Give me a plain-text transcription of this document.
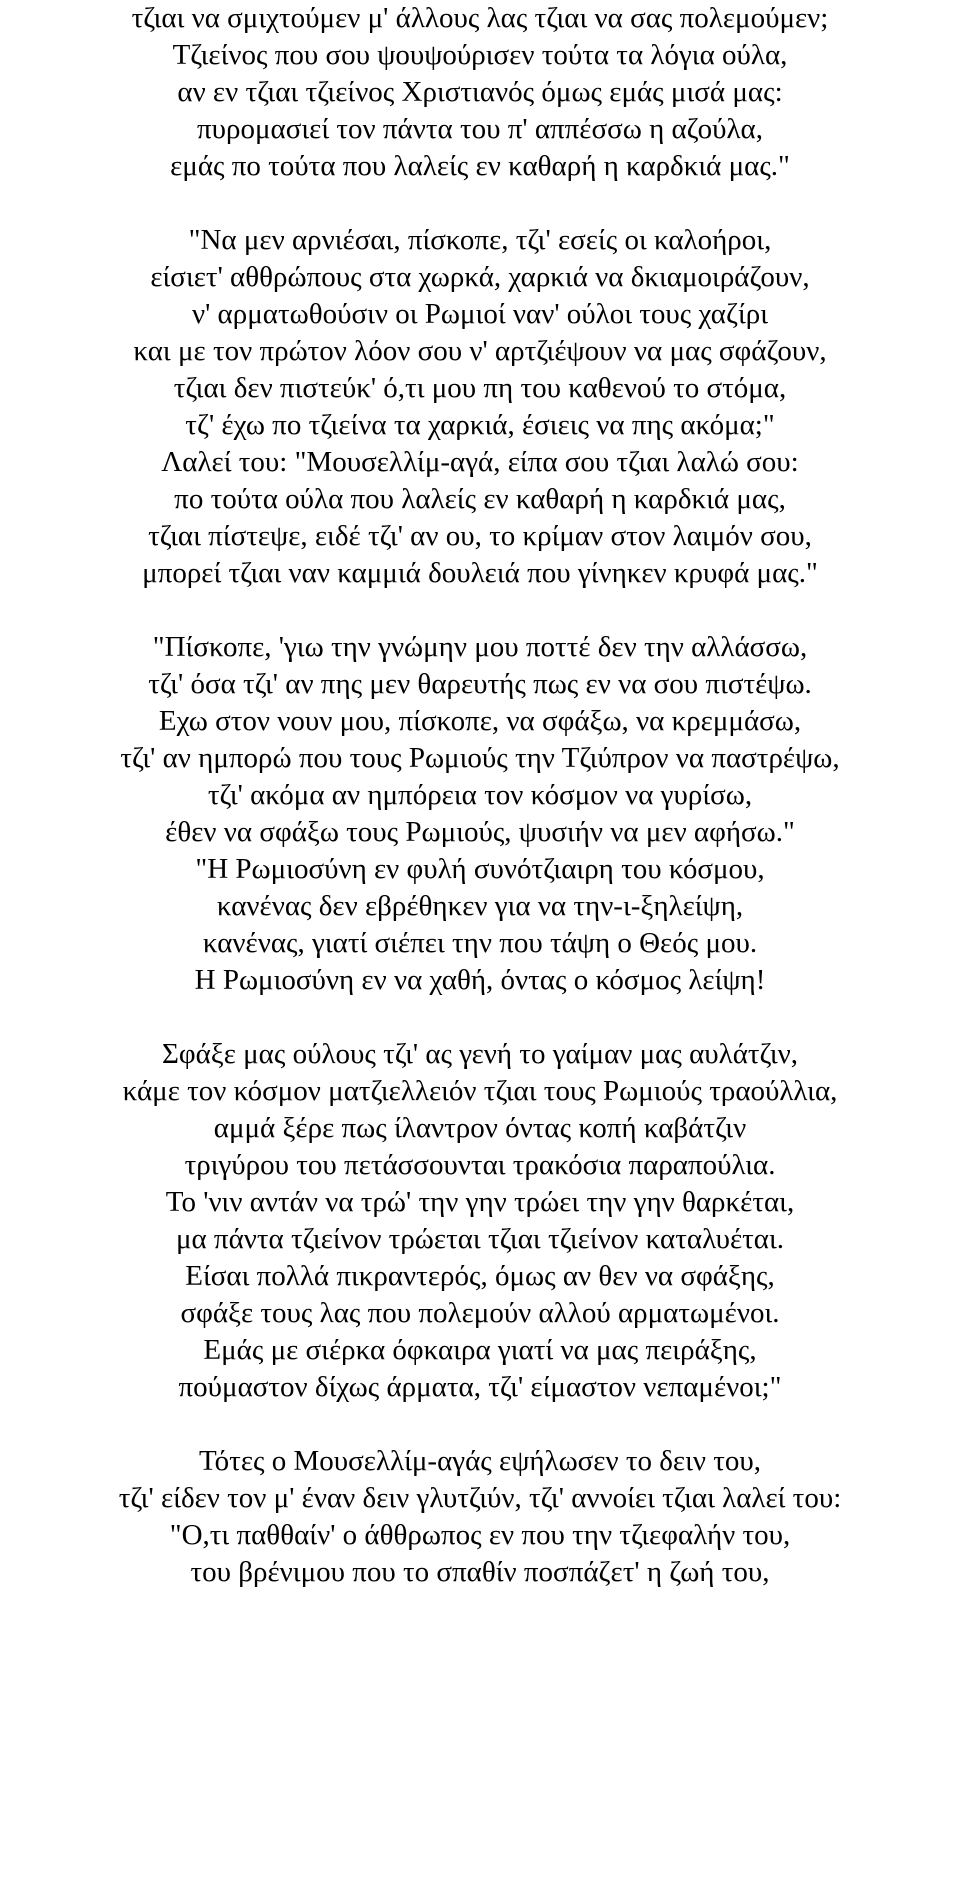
τζιαι να σμιχτούμεν μ' άλλους λας τζιαι να σας πολεμούμεν;
Τζιείνος που σου ψουψούρισεν τούτα τα λόγια ούλα,
αν εν τζιαι τζιείνος Χριστιανός όμως εμάς μισά μας:
πυρομασιεί τον πάντα του π' αππέσσω η αζούλα,
εμάς πο τούτα που λαλείς εν καθαρή η καρδκιά μας."
"Να μεν αρνιέσαι, πίσκοπε, τζι' εσείς οι καλοήροι,
είσιετ' αθθρώπους στα χωρκά, χαρκιά να δκιαμοιράζουν,
ν' αρματωθούσιν οι Ρωμιοί ναν' ούλοι τους χαζίρι
και με τον πρώτον λόον σου ν' αρτζιέψουν να μας σφάζουν,
τζιαι δεν πιστεύκ' ό,τι μου πη του καθενού το στόμα,
τζ' έχω πο τζιείνα τα χαρκιά, έσιεις να πης ακόμα;"
Λαλεί του: "Μουσελλίμ-αγά, είπα σου τζιαι λαλώ σου:
πο τούτα ούλα που λαλείς εν καθαρή η καρδκιά μας,
τζιαι πίστεψε, ειδέ τζι' αν ου, το κρίμαν στον λαιμόν σου,
μπορεί τζιαι ναν καμμιά δουλειά που γίνηκεν κρυφά μας."
"Πίσκοπε, 'γιω την γνώμην μου ποττέ δεν την αλλάσσω,
τζι' όσα τζι' αν πης μεν θαρευτής πως εν να σου πιστέψω.
Εχω στον νουν μου, πίσκοπε, να σφάξω, να κρεμμάσω,
τζι' αν ημπορώ που τους Ρωμιούς την Τζιύπρον να παστρέψω,
τζι' ακόμα αν ημπόρεια τον κόσμον να γυρίσω,
έθεν να σφάξω τους Ρωμιούς, ψυσιήν να μεν αφήσω."
"Η Ρωμιοσύνη εν φυλή συνότζιαιρη του κόσμου,
κανένας δεν εβρέθηκεν για να την-ι-ξηλείψη,
κανένας, γιατί σιέπει την που τάψη ο Θεός μου.
Η Ρωμιοσύνη εν να χαθή, όντας ο κόσμος λείψη!
Σφάξε μας ούλους τζι' ας γενή το γαίμαν μας αυλάτζιν,
κάμε τον κόσμον ματζιελλειόν τζιαι τους Ρωμιούς τραούλλια,
αμμά ξέρε πως ίλαντρον όντας κοπή καβάτζιν
τριγύρου του πετάσσουνται τρακόσια παραπούλια.
Το 'νιν αντάν να τρώ' την γην τρώει την γην θαρκέται,
μα πάντα τζιείνον τρώεται τζιαι τζιείνον καταλυέται.
Είσαι πολλά πικραντερός, όμως αν θεν να σφάξης,
σφάξε τους λας που πολεμούν αλλού αρματωμένοι.
Εμάς με σιέρκα όφκαιρα γιατί να μας πειράξης,
πούμαστον δίχως άρματα, τζι' είμαστον νεπαμένοι;"
Τότες ο Μουσελλίμ-αγάς εψήλωσεν το δειν του,
τζι' είδεν τον μ' έναν δειν γλυτζιύν, τζι' αννοίει τζιαι λαλεί του:
"Ο,τι παθθαίν' ο άθθρωπος εν που την τζιεφαλήν του,
του βρένιμου που το σπαθίν ποσπάζετ' η ζωή του,
